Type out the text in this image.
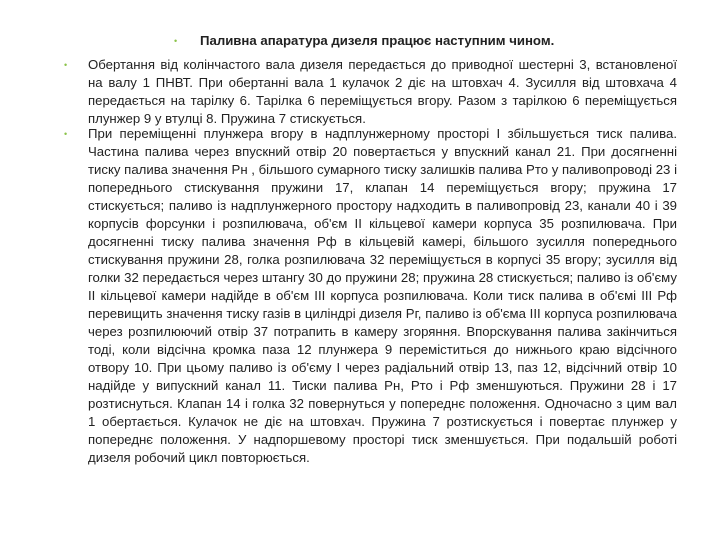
• Паливна апаратура дизеля працює наступним чином.
• Обертання від колінчастого вала дизеля передається до приводної шестерні 3, встановленої на валу 1 ПНВТ. При обертанні вала 1 кулачок 2 діє на штовхач 4. Зусилля від штовхача 4 передається на тарілку 6. Тарілка 6 переміщується вгору. Разом з тарілкою 6 переміщується плунжер 9 у втулці 8. Пружина 7 стискується.

• При переміщенні плунжера вгору в надплунжерному просторі І збільшується тиск палива. Частина палива через впускний отвір 20 повертається у впускний канал 21. При досягненні тиску палива значення Рн , більшого сумарного тиску залишків палива Рто у паливопроводі 23 і попереднього стискування пружини 17, клапан 14 переміщується вгору; пружина 17 стискується; паливо із надплунжерного простору надходить в паливопровід 23, канали 40 і 39 корпусів форсунки і розпилювача, об'єм ІІ кільцевої камери корпуса 35 розпилювача. При досягненні тиску палива значення Рф в кільцевій камері, більшого зусилля попереднього стискування пружини 28, голка розпилювача 32 переміщується в корпусі 35 вгору; зусилля від голки 32 передається через штангу 30 до пружини 28; пружина 28 стискується; паливо із об'єму ІІ кільцевої камери надійде в об'єм ІІІ корпуса розпилювача. Коли тиск палива в об'ємі ІІІ Рф перевищить значення тиску газів в циліндрі дизеля Рг, паливо із об'єма ІІІ корпуса розпилювача через розпилюючий отвір 37 потрапить в камеру згоряння. Впорскування палива закінчиться тоді, коли відсічна кромка паза 12 плунжера 9 переміститься до нижнього краю відсічного отвору 10. При цьому паливо із об'єму І через радіальний отвір 13, паз 12, відсічний отвір 10 надійде у випускний канал 11. Тиски палива Рн, Рто і Рф зменшуються. Пружини 28 і 17 розтиснуться. Клапан 14 і голка 32 повернуться у попереднє положення. Одночасно з цим вал 1 обертається. Кулачок не діє на штовхач. Пружина 7 розтискується і повертає плунжер у попереднє положення. У надпоршевому просторі тиск зменшується. При подальшій роботі дизеля робочий цикл повторюється.
